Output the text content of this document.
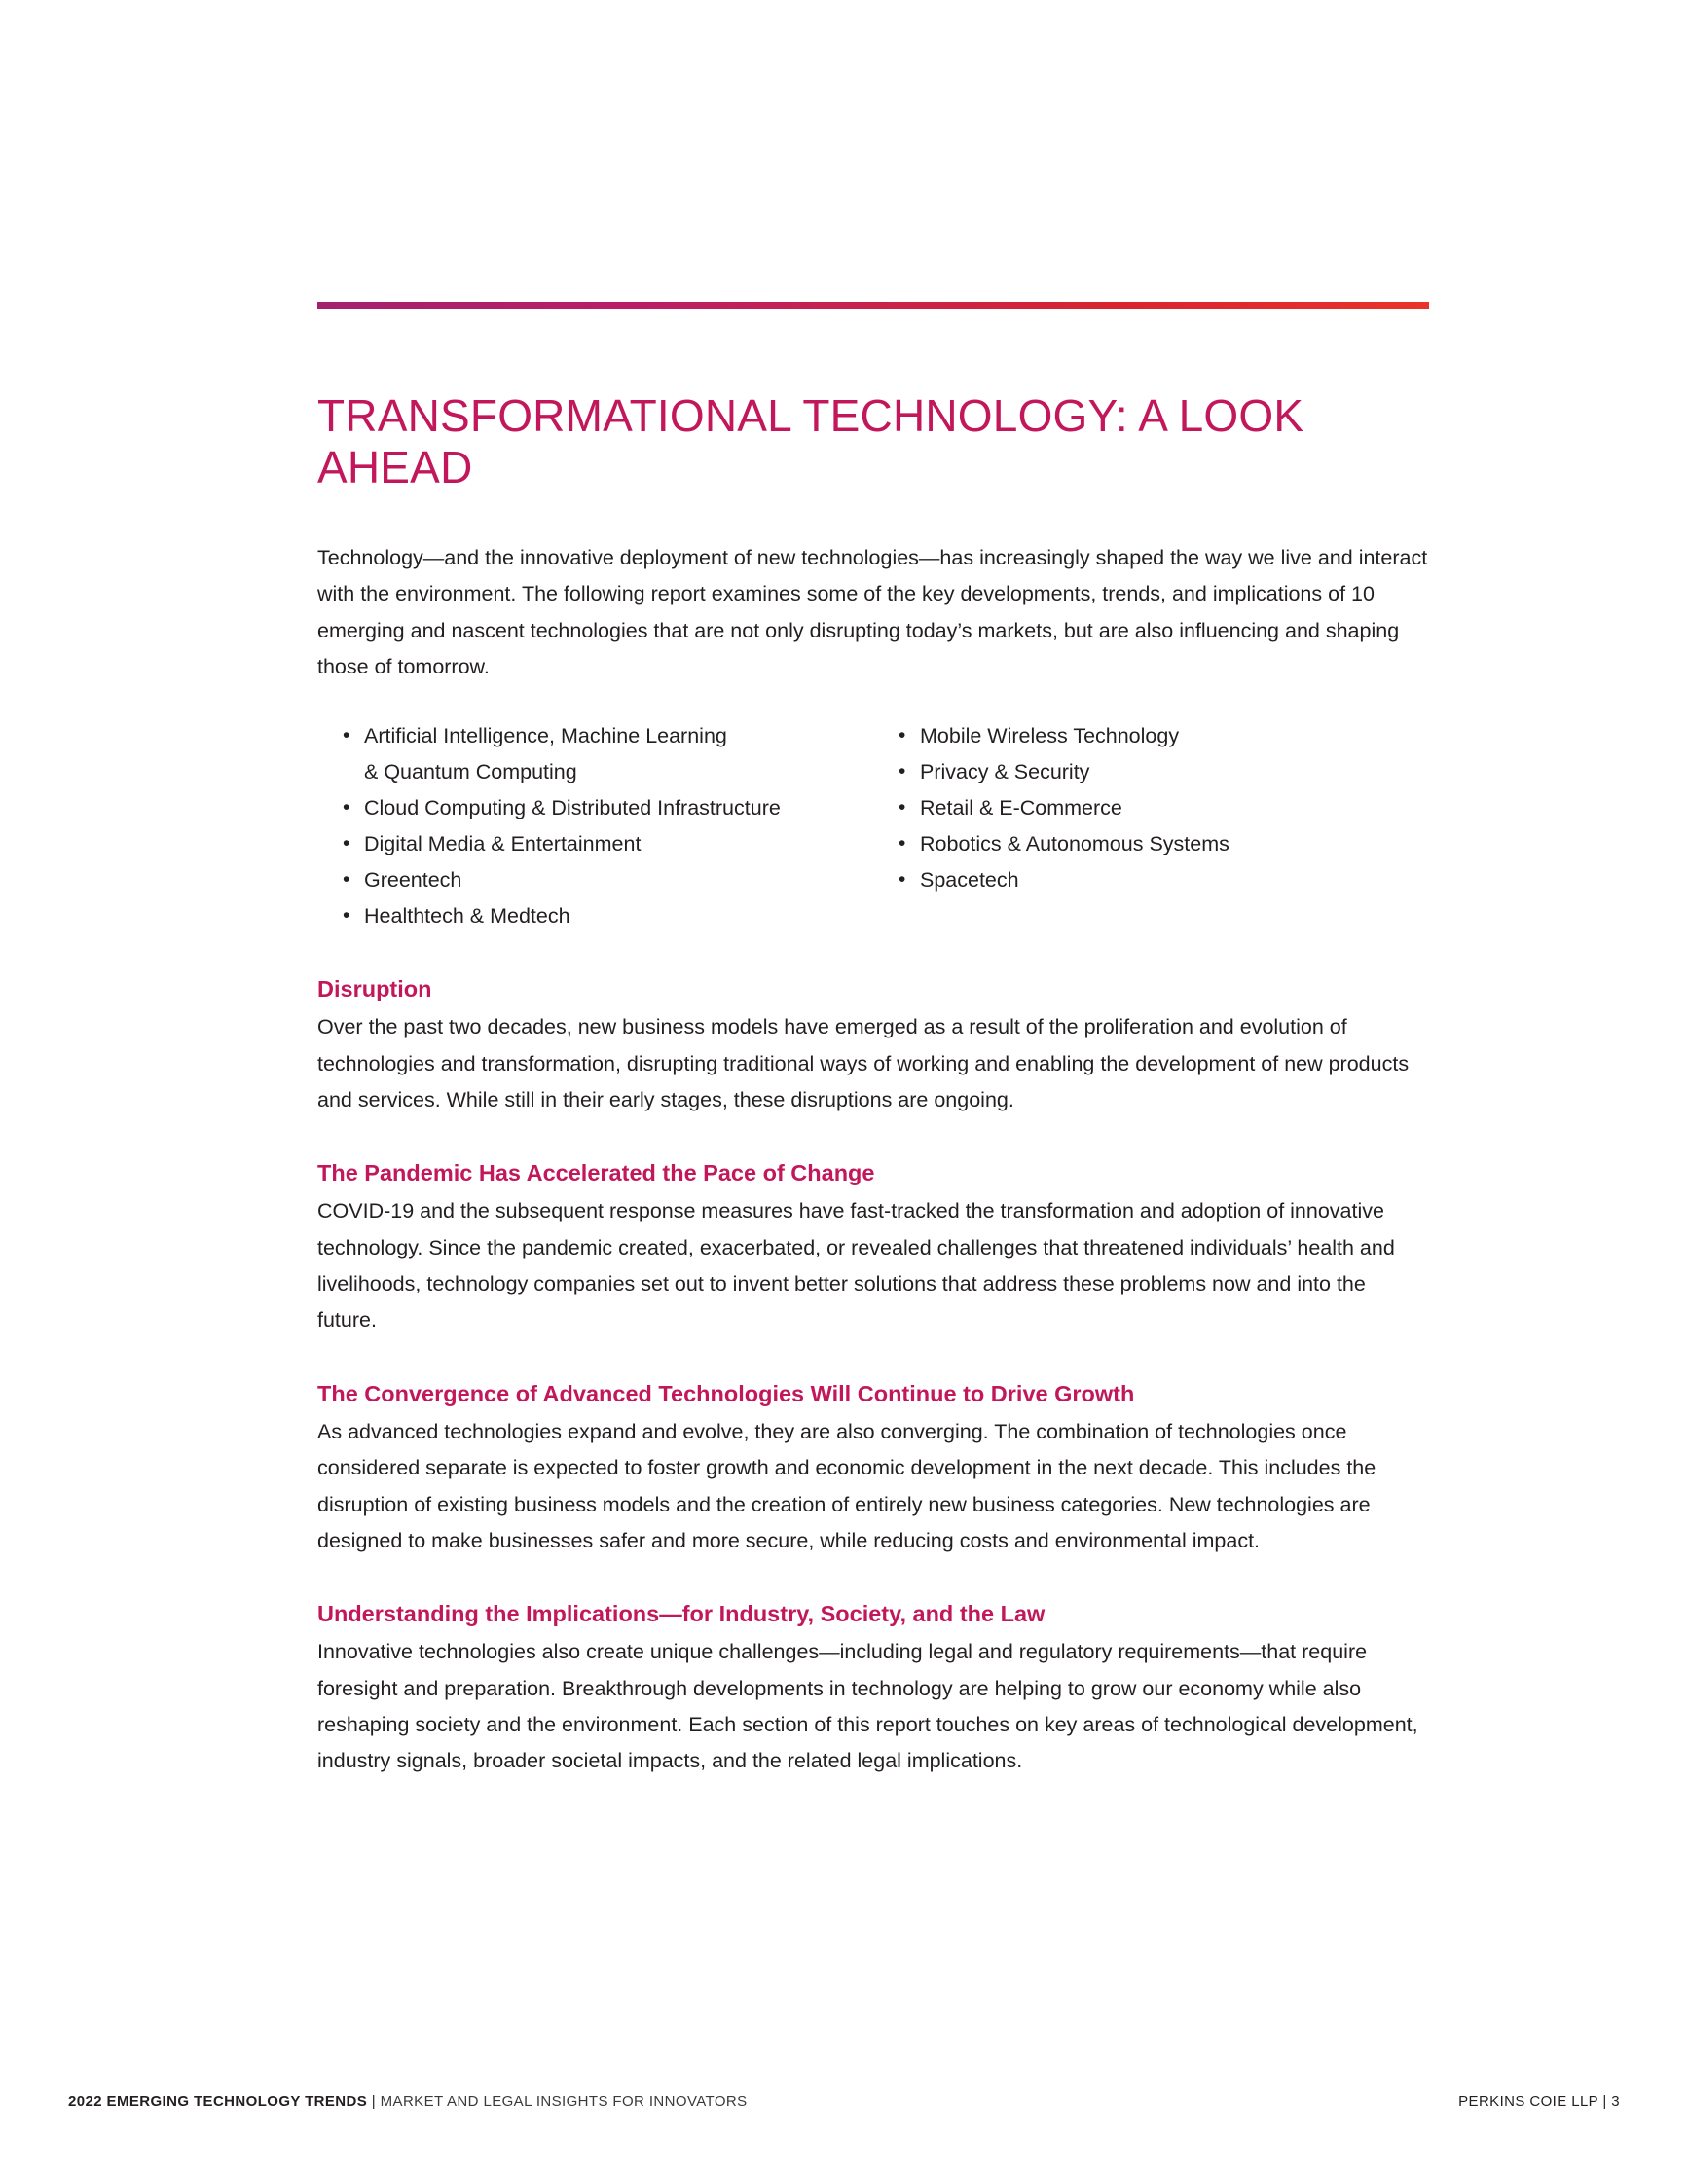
TRANSFORMATIONAL TECHNOLOGY: A LOOK AHEAD

Technology—and the innovative deployment of new technologies—has increasingly shaped the way we live and interact with the environment. The following report examines some of the key developments, trends, and implications of 10 emerging and nascent technologies that are not only disrupting today’s markets, but are also influencing and shaping those of tomorrow.

• Artificial Intelligence, Machine Learning
& Quantum Computing
• Cloud Computing & Distributed Infrastructure
• Digital Media & Entertainment
• Greentech
• Healthtech & Medtech
• Mobile Wireless Technology
• Privacy & Security
• Retail & E-Commerce
• Robotics & Autonomous Systems
• Spacetech
Disruption

Over the past two decades, new business models have emerged as a result of the proliferation and evolution of technologies and transformation, disrupting traditional ways of working and enabling the development of new products and services. While still in their early stages, these disruptions are ongoing.

The Pandemic Has Accelerated the Pace of Change

COVID-19 and the subsequent response measures have fast-tracked the transformation and adoption of innovative technology. Since the pandemic created, exacerbated, or revealed challenges that threatened individuals’ health and livelihoods, technology companies set out to invent better solutions that address these problems now and into the future.

The Convergence of Advanced Technologies Will Continue to Drive Growth

As advanced technologies expand and evolve, they are also converging. The combination of technologies once considered separate is expected to foster growth and economic development in the next decade. This includes the disruption of existing business models and the creation of entirely new business categories. New technologies are designed to make businesses safer and more secure, while reducing costs and environmental impact.

Understanding the Implications—for Industry, Society, and the Law

Innovative technologies also create unique challenges—including legal and regulatory requirements—that require foresight and preparation. Breakthrough developments in technology are helping to grow our economy while also reshaping society and the environment. Each section of this report touches on key areas of technological development, industry signals, broader societal impacts, and the related legal implications.

2022 EMERGING TECHNOLOGY TRENDS | MARKET AND LEGAL INSIGHTS FOR INNOVATORS	PERKINS COIE LLP | 3
